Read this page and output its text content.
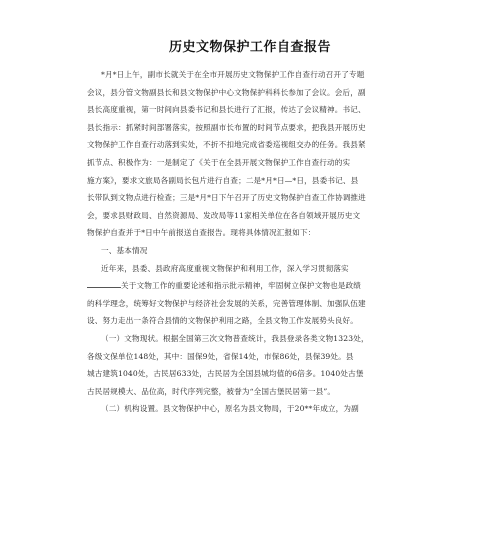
历史文物保护工作自查报告
*月*日上午，副市长就关于在全市开展历史文物保护工作自查行动召开了专题
会议，县分管文物副县长和县文物保护中心文物保护科科长参加了会议。会后，副
县长高度重视，第一时间向县委书记和县长进行了汇报，传达了会议精神。书记、
县长指示：抓紧时间部署落实，按照副市长布置的时间节点要求，把我县开展历史
文物保护工作自查行动落到实处，不折不扣地完成省委巡视组交办的任务。我县紧
抓节点、积极作为：一是制定了《关于在全县开展文物保护工作自查行动的实
施方案》，要求文旅局各副局长包片进行自查；二是*月*日—*日，县委书记、县
长带队到文物点进行检查；三是*月*日下午召开了历史文物保护自查工作协调推进
会，要求县财政局、自然资源局、发改局等11家相关单位在各自领域开展历史文
物保护自查并于*日中午前报送自查报告。现将具体情况汇报如下：
一、基本情况
近年来，县委、县政府高度重视文物保护和利用工作，深入学习贯彻落实
关于文物工作的重要论述和指示批示精神，牢固树立保护文物也是政绩
的科学理念，统筹好文物保护与经济社会发展的关系，完善管理体制、加强队伍建
设、努力走出一条符合县情的文物保护利用之路，全县文物工作发展势头良好。
（一）文物现状。根据全国第三次文物普查统计，我县登录各类文物1323处，
各级文保单位148处，其中：国保9处，省保14处，市保86处，县保39处。县
城古建筑1040处，古民居633处，古民居为全国县城均值的6倍多。1040处古堡
古民居规模大、品位高，时代序列完整，被誉为“全国古堡民居第一县”。
（二）机构设置。县文物保护中心，原名为县文物局，于20**年成立，为副
